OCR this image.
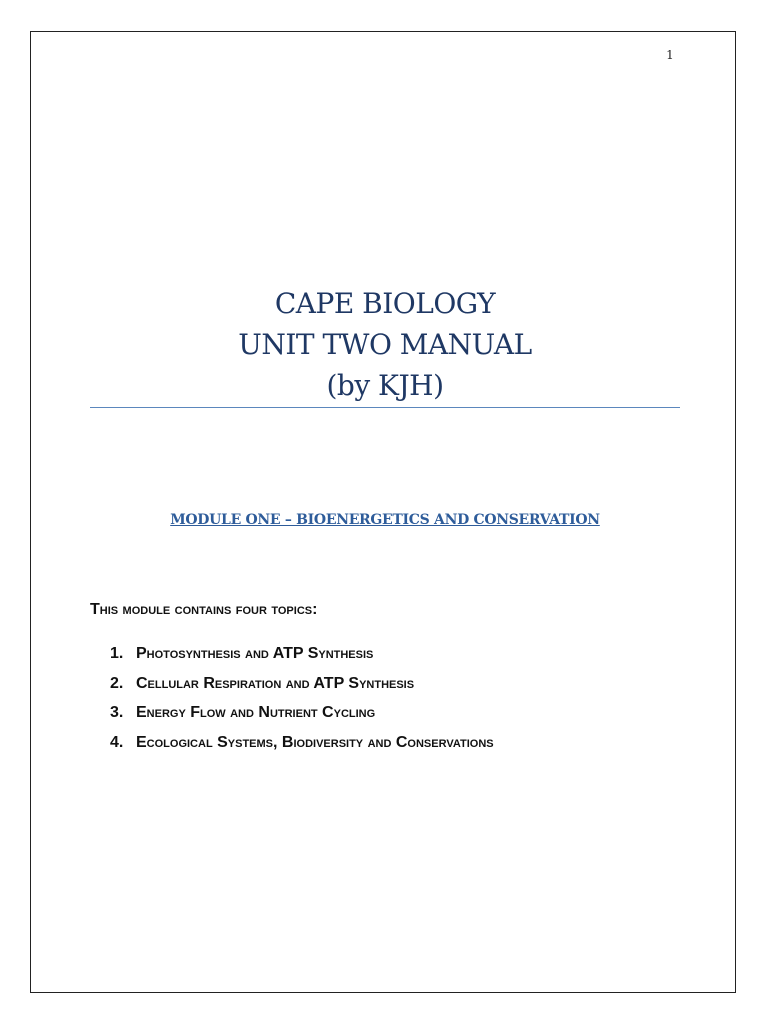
1
CAPE BIOLOGY
UNIT TWO MANUAL
(by KJH)
MODULE ONE – BIOENERGETICS AND CONSERVATION
This module contains four topics:
1. Photosynthesis and ATP Synthesis
2. Cellular Respiration and ATP Synthesis
3. Energy Flow and Nutrient Cycling
4. Ecological Systems, Biodiversity and Conservations
